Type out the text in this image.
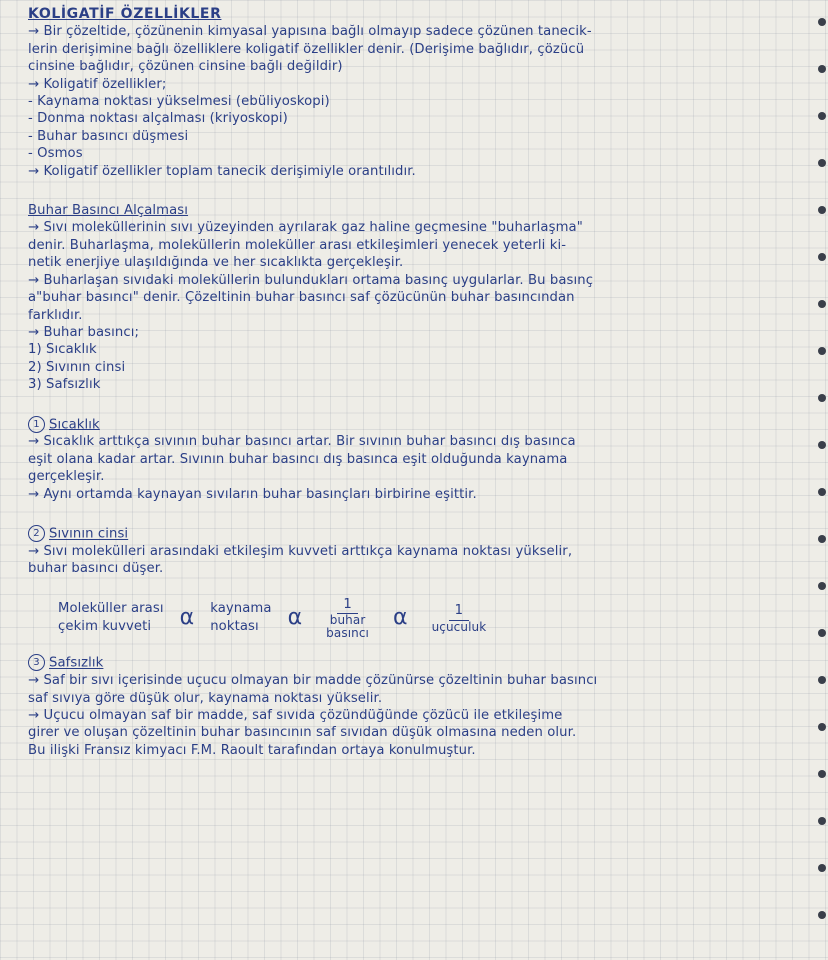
KOLİGATİF ÖZELLİKLER

→ Bir çözeltide, çözünenin kimyasal yapısına bağlı olmayıp sadece çözünen tanecik-

lerin derişimine bağlı özelliklere koligatif özellikler denir. (Derişime bağlıdır, çözücü

cinsine bağlıdır, çözünen cinsine bağlı değildir)

→ Koligatif özellikler;

- Kaynama noktası yükselmesi (ebüliyoskopi)

- Donma noktası alçalması (kriyoskopi)

- Buhar basıncı düşmesi

- Osmos

→ Koligatif özellikler toplam tanecik derişimiyle orantılıdır.

Buhar Basıncı Alçalması

→ Sıvı moleküllerinin sıvı yüzeyinden ayrılarak gaz haline geçmesine "buharlaşma"

denir. Buharlaşma, moleküllerin moleküller arası etkileşimleri yenecek yeterli ki-

netik enerjiye ulaşıldığında ve her sıcaklıkta gerçekleşir.

→ Buharlaşan sıvıdaki moleküllerin bulundukları ortama basınç uygularlar. Bu basınç

a"buhar basıncı" denir. Çözeltinin buhar basıncı saf çözücünün buhar basıncından

farklıdır.

→ Buhar basıncı;

1) Sıcaklık

2) Sıvının cinsi

3) Safsızlık

1 Sıcaklık

→ Sıcaklık arttıkça sıvının buhar basıncı artar. Bir sıvının buhar basıncı dış basınca

eşit olana kadar artar. Sıvının buhar basıncı dış basınca eşit olduğunda kaynama

gerçekleşir.

→ Aynı ortamda kaynayan sıvıların buhar basınçları birbirine eşittir.

2 Sıvının cinsi

→ Sıvı molekülleri arasındaki etkileşim kuvveti arttıkça kaynama noktası yükselir,

buhar basıncı düşer.

Moleküller arası
çekim kuvveti	α kaynama
noktası	α
1
buhar
basıncı
α $\frac{1}{\text{uçuculuk}}$

3 Safsızlık

→ Saf bir sıvı içerisinde uçucu olmayan bir madde çözünürse çözeltinin buhar basıncı

saf sıvıya göre düşük olur, kaynama noktası yükselir.

→ Uçucu olmayan saf bir madde, saf sıvıda çözündüğünde çözücü ile etkileşime

girer ve oluşan çözeltinin buhar basıncının saf sıvıdan düşük olmasına neden olur.

Bu ilişki Fransız kimyacı F.M. Raoult tarafından ortaya konulmuştur.
